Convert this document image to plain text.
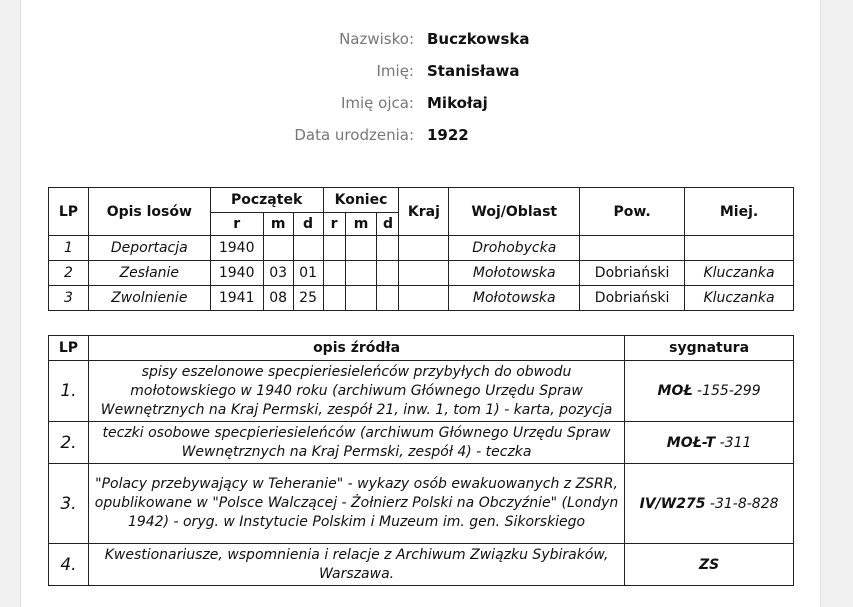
Nazwisko: Buczkowska
Imię: Stanisława
Imię ojca: Mikołaj
Data urodzenia: 1922
LP	Opis losów	Początek			Koniec			Kraj	Woj/Oblast	Pow.	Miej.
		r	m	d	r	m	d				
1	Deportacja	1940							Drohobycka		
2	Zesłanie	1940	03	01					Mołotowska	Dobriański	Kluczanka
3	Zwolnienie	1941	08	25					Mołotowska	Dobriański	Kluczanka
LP	opis źródła	sygnatura
1.	spisy eszelonowe specpieriesieleńców przybyłych do obwodu mołotowskiego w 1940 roku (archiwum Głównego Urzędu Spraw Wewnętrznych na Kraj Permski, zespół 21, inw. 1, tom 1) - karta, pozycja	MOŁ -155-299
2.	teczki osobowe specpieriesieleńców (archiwum Głównego Urzędu Spraw Wewnętrznych na Kraj Permski, zespół 4) - teczka	MOŁ-T -311
3.	"Polacy przebywający w Teheranie" - wykazy osób ewakuowanych z ZSRR, opublikowane w "Polsce Walczącej - Żołnierz Polski na Obczyźnie" (Londyn 1942) - oryg. w Instytucie Polskim i Muzeum im. gen. Sikorskiego	IV/W275 -31-8-828
4.	Kwestionariusze, wspomnienia i relacje z Archiwum Związku Sybiraków, Warszawa.	ZS
